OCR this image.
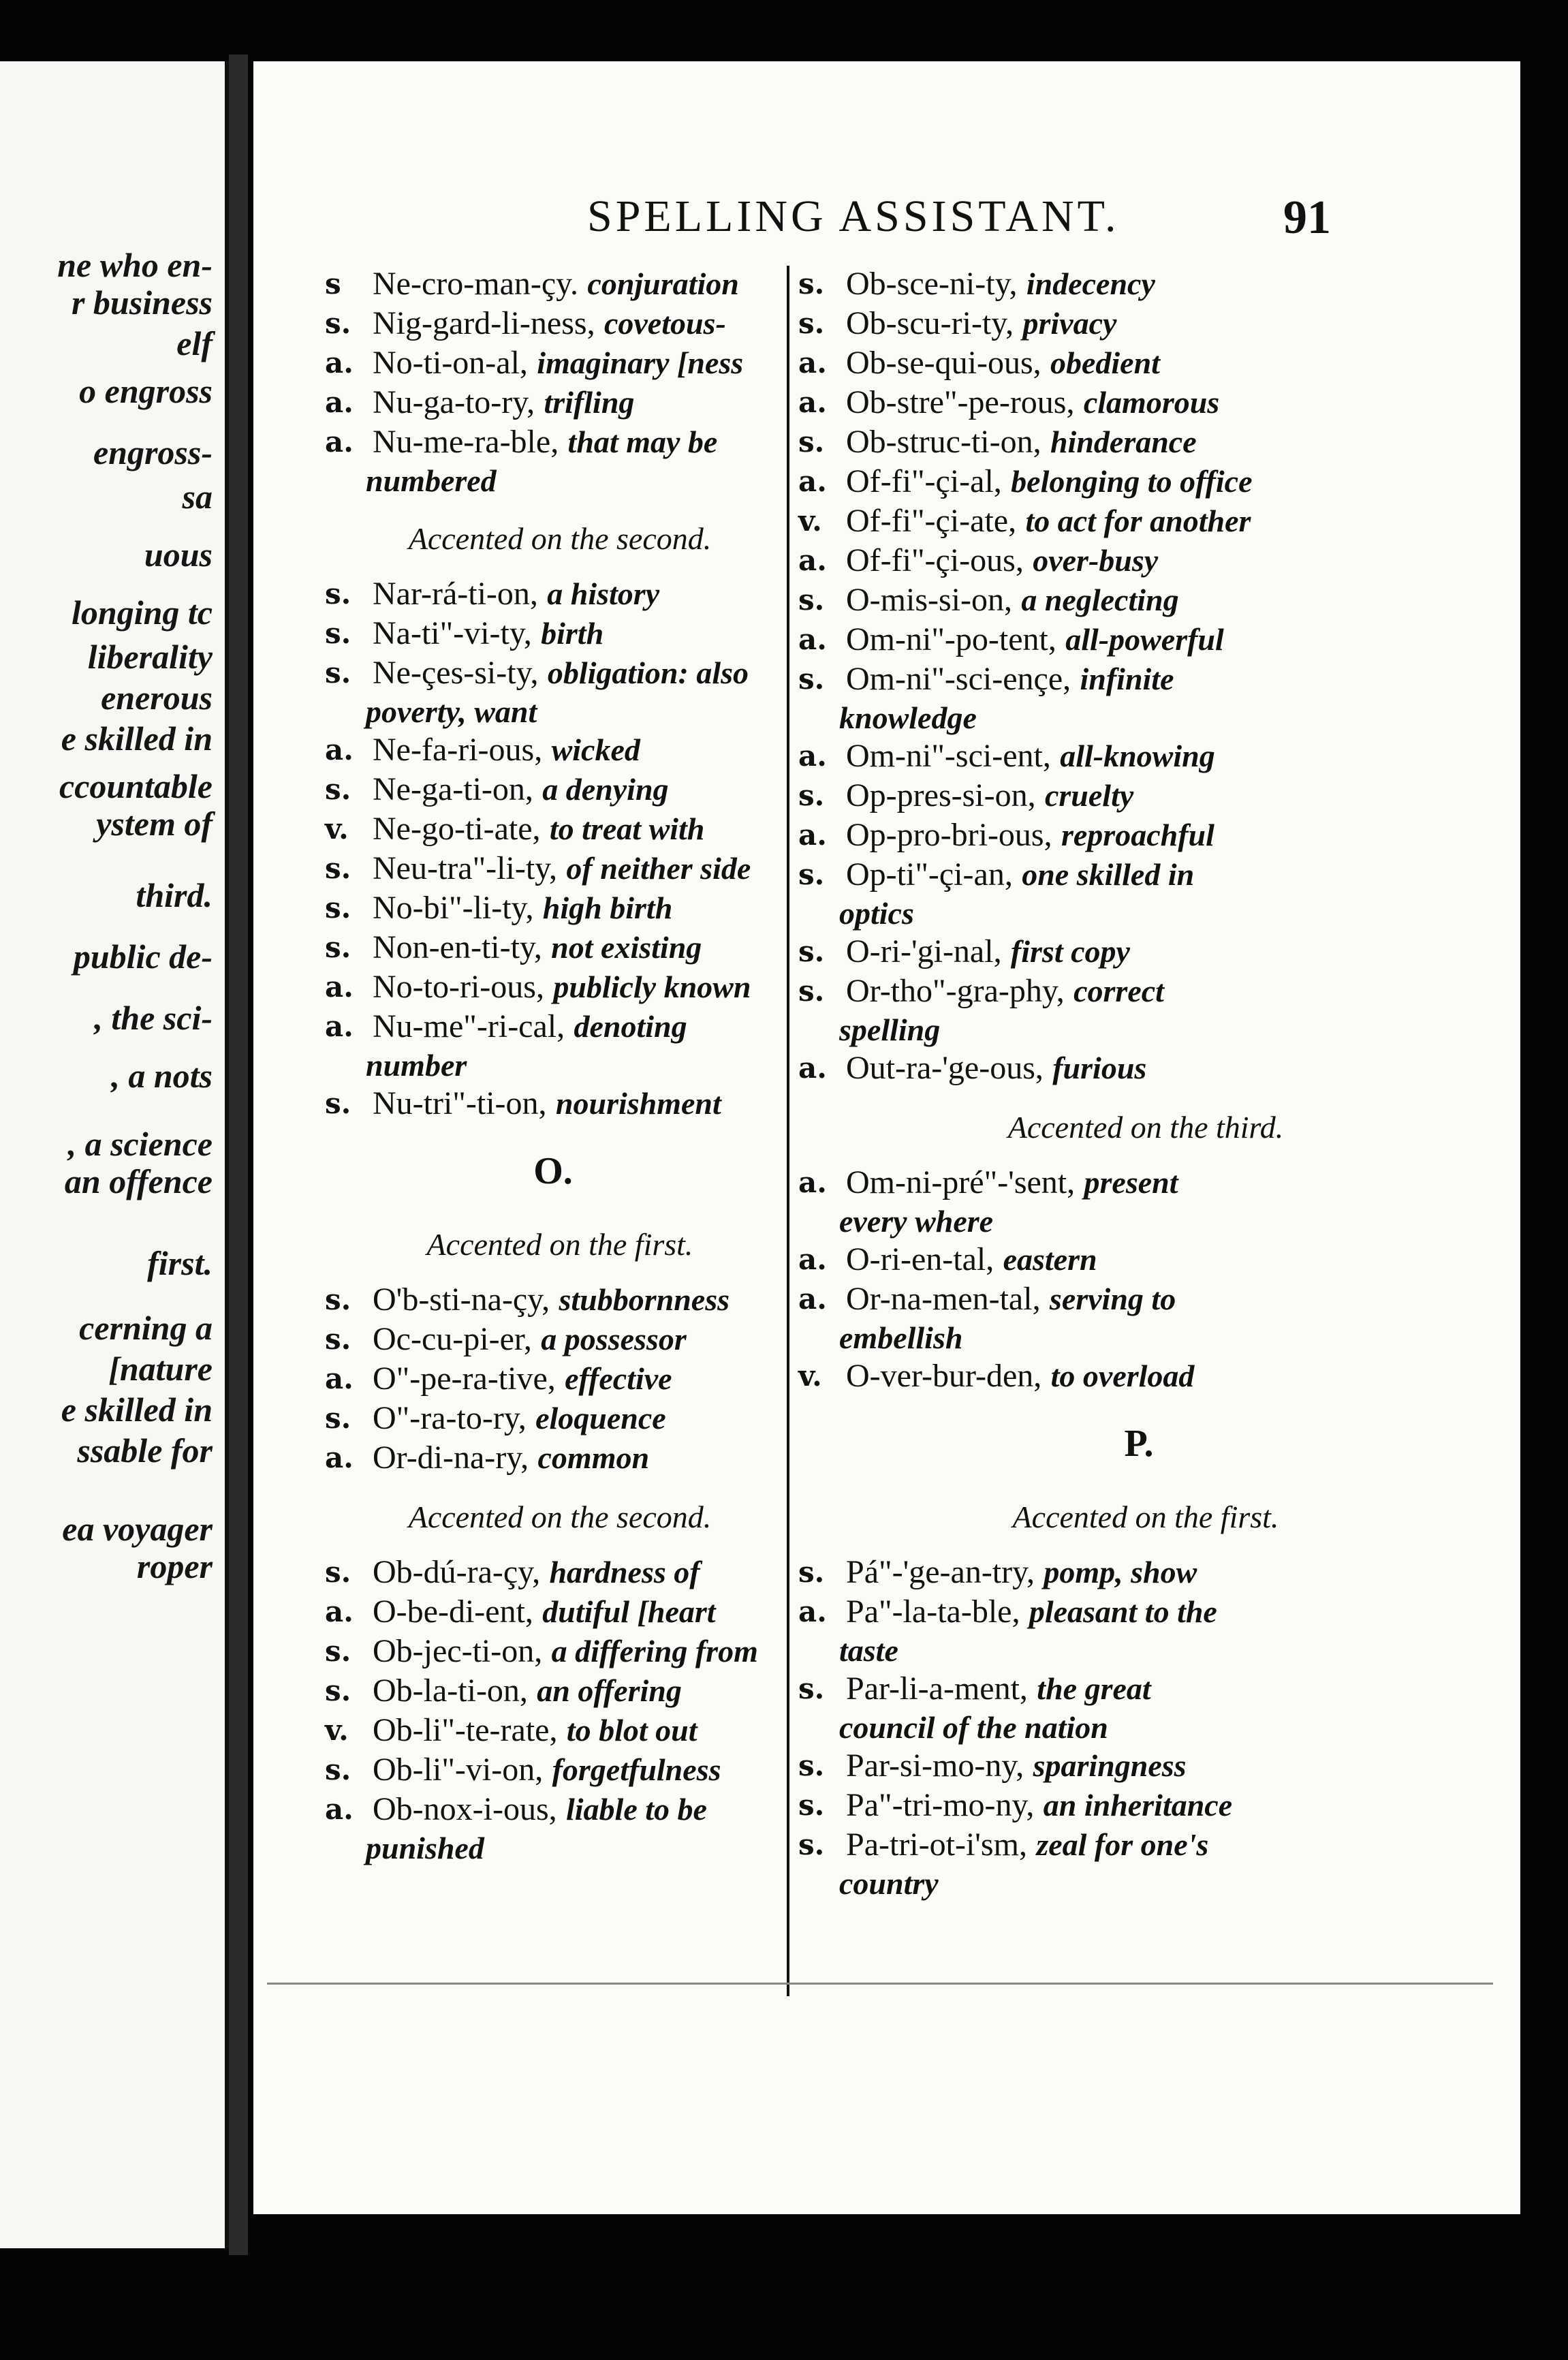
ne who en-
r business
elf
o engross
engross-
sa
uous
longing tc
liberality
enerous
e skilled in
ccountable
ystem of
third.
public de-
, the sci-
, a nots
, a science
an offence
first.
cerning a
[nature
e skilled in
ssable for
ea voyager
roper
SPELLING ASSISTANT.	91
s Ne-cro-man-çy. conjuration
s. Nig-gard-li-ness, covetous-
a. No-ti-on-al, imaginary [ness
a. Nu-ga-to-ry, trifling
a. Nu-me-ra-ble, that may be
numbered
Accented on the second.
s. Nar-rá-ti-on, a history
s. Na-ti"-vi-ty, birth
s. Ne-çes-si-ty, obligation: also
poverty, want
a. Ne-fa-ri-ous, wicked
s. Ne-ga-ti-on, a denying
v. Ne-go-ti-ate, to treat with
s. Neu-tra"-li-ty, of neither side
s. No-bi"-li-ty, high birth
s. Non-en-ti-ty, not existing
a. No-to-ri-ous, publicly known
a. Nu-me"-ri-cal, denoting
number
s. Nu-tri"-ti-on, nourishment
O.
Accented on the first.
s. O'b-sti-na-çy, stubbornness
s. Oc-cu-pi-er, a possessor
a. O"-pe-ra-tive, effective
s. O"-ra-to-ry, eloquence
a. Or-di-na-ry, common
Accented on the second.
s. Ob-dú-ra-çy, hardness of
a. O-be-di-ent, dutiful [heart
s. Ob-jec-ti-on, a differing from
s. Ob-la-ti-on, an offering
v. Ob-li"-te-rate, to blot out
s. Ob-li"-vi-on, forgetfulness
a. Ob-nox-i-ous, liable to be
punished
s. Ob-sce-ni-ty, indecency
s. Ob-scu-ri-ty, privacy
a. Ob-se-qui-ous, obedient
a. Ob-stre"-pe-rous, clamorous
s. Ob-struc-ti-on, hinderance
a. Of-fi"-çi-al, belonging to office
v. Of-fi"-çi-ate, to act for another
a. Of-fi"-çi-ous, over-busy
s. O-mis-si-on, a neglecting
a. Om-ni"-po-tent, all-powerful
s. Om-ni"-sci-ençe, infinite
knowledge
a. Om-ni"-sci-ent, all-knowing
s. Op-pres-si-on, cruelty
a. Op-pro-bri-ous, reproachful
s. Op-ti"-çi-an, one skilled in
optics
s. O-ri-'gi-nal, first copy
s. Or-tho"-gra-phy, correct
spelling
a. Out-ra-'ge-ous, furious
Accented on the third.
a. Om-ni-pré"-'sent, present
every where
a. O-ri-en-tal, eastern
a. Or-na-men-tal, serving to
embellish
v. O-ver-bur-den, to overload
P.
Accented on the first.
s. Pá"-'ge-an-try, pomp, show
a. Pa"-la-ta-ble, pleasant to the
taste
s. Par-li-a-ment, the great
council of the nation
s. Par-si-mo-ny, sparingness
s. Pa"-tri-mo-ny, an inheritance
s. Pa-tri-ot-i'sm, zeal for one's
country
